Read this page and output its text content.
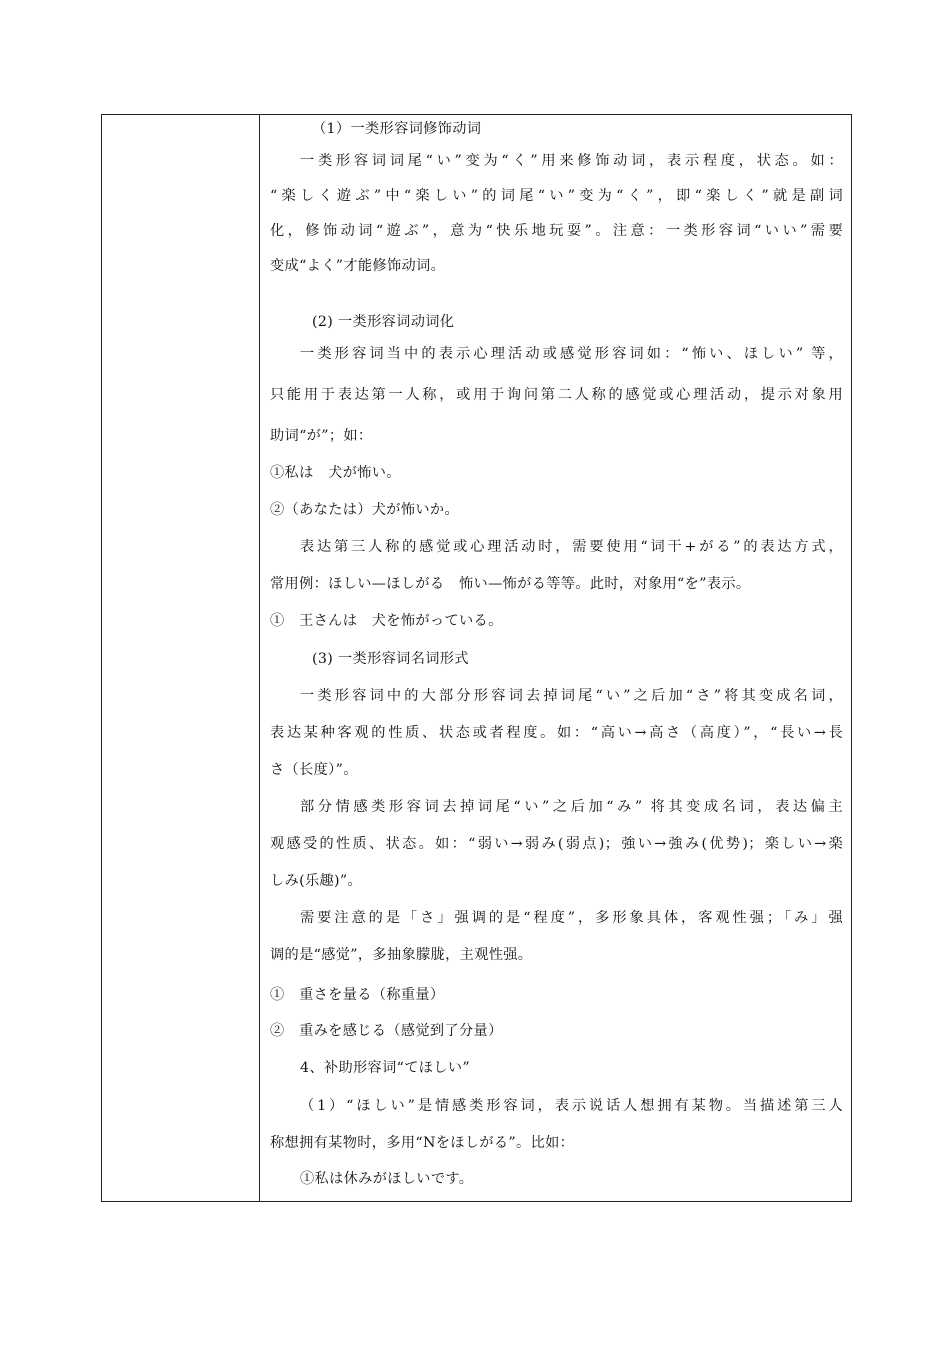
（1）一类形容词修饰动词
一类形容词词尾“い”变为“く”用来修饰动词，表示程度，状态。如：
“楽しく遊ぶ”中“楽しい”的词尾“い”变为“く”，即“楽しく”就是副词
化，修饰动词“遊ぶ”，意为“快乐地玩耍”。注意：一类形容词“いい”需要
变成“よく”才能修饰动词。
(2) 一类形容词动词化
一类形容词当中的表示心理活动或感觉形容词如：“怖い、ほしい” 等，
只能用于表达第一人称，或用于询问第二人称的感觉或心理活动，提示对象用
助词“が”；如：
①私は　犬が怖い。
②（あなたは）犬が怖いか。
表达第三人称的感觉或心理活动时，需要使用“词干+がる”的表达方式，
常用例：ほしい—ほしがる　怖い—怖がる等等。此时，对象用“を”表示。
①　王さんは　犬を怖がっている。
(3) 一类形容词名词形式
一类形容词中的大部分形容词去掉词尾“い”之后加“さ”将其变成名词，
表达某种客观的性质、状态或者程度。如：“高い→高さ（高度）”，“長い→長
さ（长度）”。
部分情感类形容词去掉词尾“い”之后加“み” 将其变成名词，表达偏主
观感受的性质、状态。如：“弱い→弱み(弱点)；強い→強み(优势)；楽しい→楽
しみ(乐趣)”。
需要注意的是「さ」强调的是“程度”，多形象具体，客观性强；「み」强
调的是“感觉”，多抽象朦胧，主观性强。
①　重さを量る（称重量）
②　重みを感じる（感觉到了分量）
4、补助形容词“てほしい”
（1）“ほしい”是情感类形容词，表示说话人想拥有某物。当描述第三人
称想拥有某物时，多用“Nをほしがる”。比如：
①私は休みがほしいです。
